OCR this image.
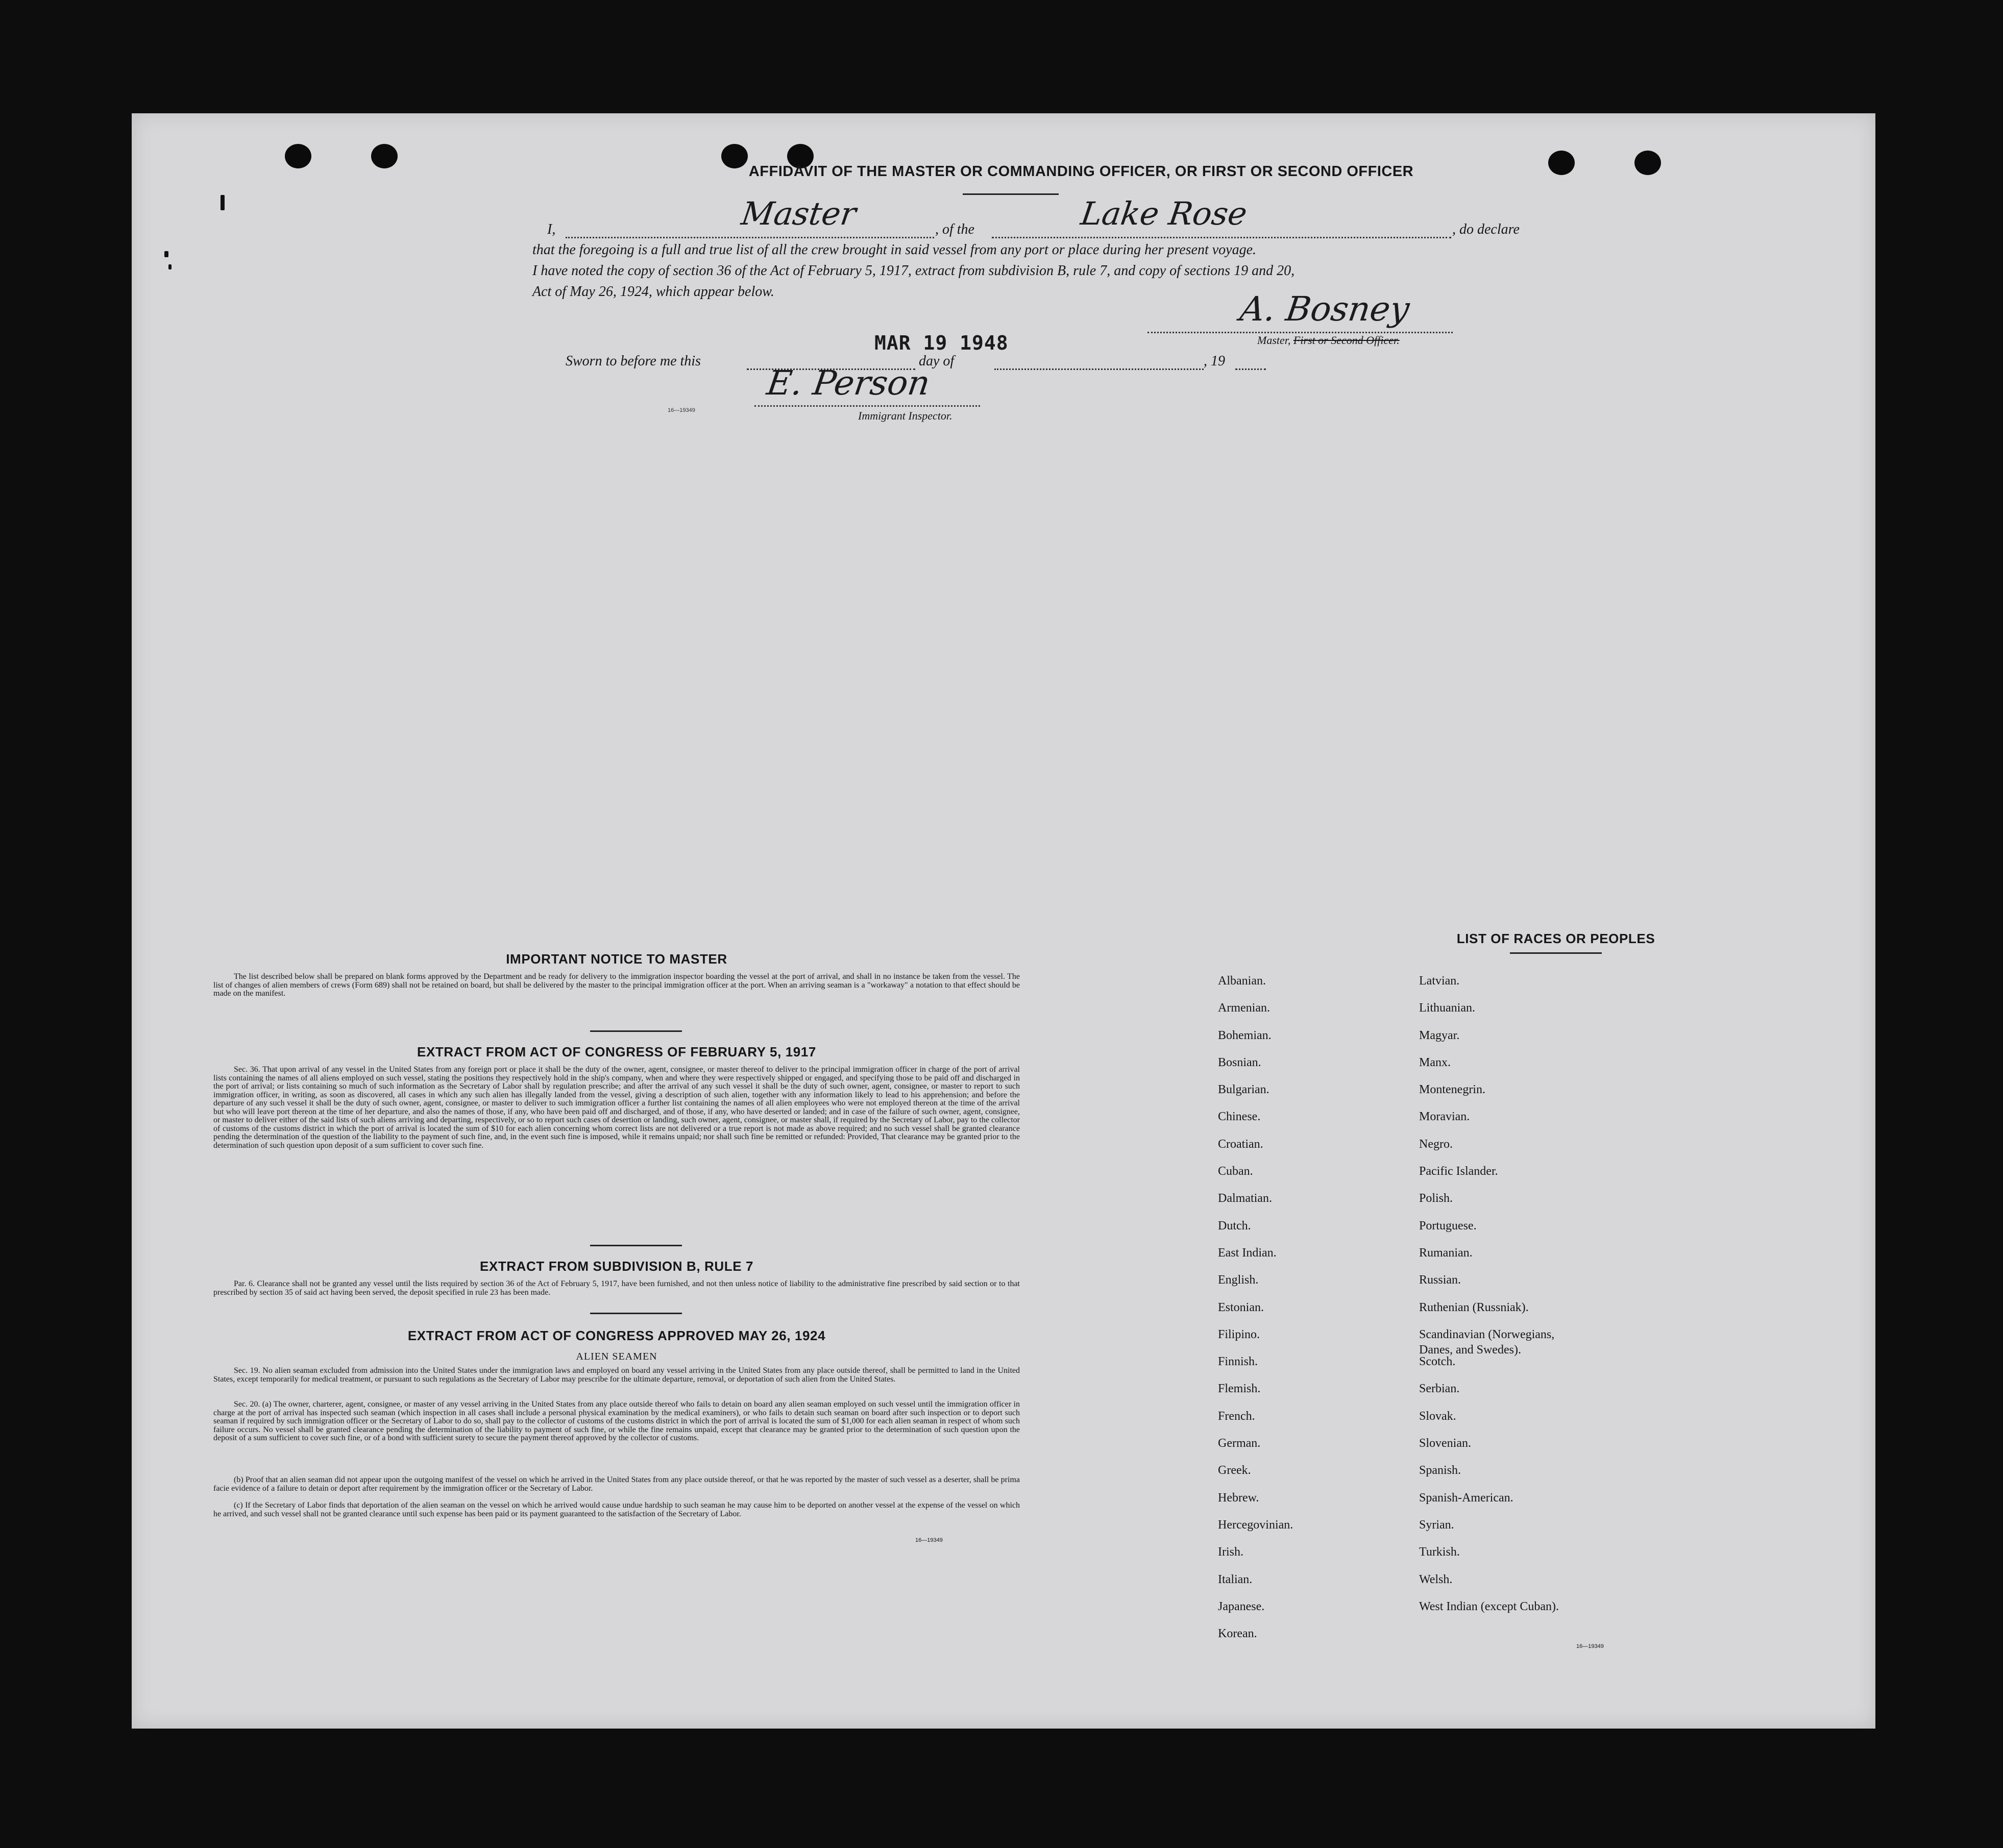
AFFIDAVIT OF THE MASTER OR COMMANDING OFFICER, OR FIRST OR SECOND OFFICER
I,	Master	, of the	Lake Rose	, do declare
that the foregoing is a full and true list of all the crew brought in said vessel from any port or place during her present voyage.
I have noted the copy of section 36 of the Act of February 5, 1917, extract from subdivision B, rule 7, and copy of sections 19 and 20,
Act of May 26, 1924, which appear below.	A. Bosney
Master, First or Second Officer.
MAR 19 1948
Sworn to before me this	day of	, 19
E. Person
Immigrant Inspector.
16—19349
IMPORTANT NOTICE TO MASTER

The list described below shall be prepared on blank forms approved by the Department and be ready for delivery to the immigration inspector boarding the vessel at the port of arrival, and shall in no instance be taken from the vessel. The list of changes of alien members of crews (Form 689) shall not be retained on board, but shall be delivered by the master to the principal immigration officer at the port. When an arriving seaman is a "workaway" a notation to that effect should be made on the manifest.

EXTRACT FROM ACT OF CONGRESS OF FEBRUARY 5, 1917

Sec. 36. That upon arrival of any vessel in the United States from any foreign port or place it shall be the duty of the owner, agent, consignee, or master thereof to deliver to the principal immigration officer in charge of the port of arrival lists containing the names of all aliens employed on such vessel, stating the positions they respectively hold in the ship's company, when and where they were respectively shipped or engaged, and specifying those to be paid off and discharged in the port of arrival; or lists containing so much of such information as the Secretary of Labor shall by regulation prescribe; and after the arrival of any such vessel it shall be the duty of such owner, agent, consignee, or master to report to such immigration officer, in writing, as soon as discovered, all cases in which any such alien has illegally landed from the vessel, giving a description of such alien, together with any information likely to lead to his apprehension; and before the departure of any such vessel it shall be the duty of such owner, agent, consignee, or master to deliver to such immigration officer a further list containing the names of all alien employees who were not employed thereon at the time of the arrival but who will leave port thereon at the time of her departure, and also the names of those, if any, who have been paid off and discharged, and of those, if any, who have deserted or landed; and in case of the failure of such owner, agent, consignee, or master to deliver either of the said lists of such aliens arriving and departing, respectively, or so to report such cases of desertion or landing, such owner, agent, consignee, or master shall, if required by the Secretary of Labor, pay to the collector of customs of the customs district in which the port of arrival is located the sum of $10 for each alien concerning whom correct lists are not delivered or a true report is not made as above required; and no such vessel shall be granted clearance pending the determination of the question of the liability to the payment of such fine, and, in the event such fine is imposed, while it remains unpaid; nor shall such fine be remitted or refunded: Provided, That clearance may be granted prior to the determination of such question upon deposit of a sum sufficient to cover such fine.

EXTRACT FROM SUBDIVISION B, RULE 7

Par. 6. Clearance shall not be granted any vessel until the lists required by section 36 of the Act of February 5, 1917, have been furnished, and not then unless notice of liability to the administrative fine prescribed by said section or to that prescribed by section 35 of said act having been served, the deposit specified in rule 23 has been made.

EXTRACT FROM ACT OF CONGRESS APPROVED MAY 26, 1924
ALIEN SEAMEN

Sec. 19. No alien seaman excluded from admission into the United States under the immigration laws and employed on board any vessel arriving in the United States from any place outside thereof, shall be permitted to land in the United States, except temporarily for medical treatment, or pursuant to such regulations as the Secretary of Labor may prescribe for the ultimate departure, removal, or deportation of such alien from the United States.

Sec. 20. (a) The owner, charterer, agent, consignee, or master of any vessel arriving in the United States from any place outside thereof who fails to detain on board any alien seaman employed on such vessel until the immigration officer in charge at the port of arrival has inspected such seaman (which inspection in all cases shall include a personal physical examination by the medical examiners), or who fails to detain such seaman on board after such inspection or to deport such seaman if required by such immigration officer or the Secretary of Labor to do so, shall pay to the collector of customs of the customs district in which the port of arrival is located the sum of $1,000 for each alien seaman in respect of whom such failure occurs. No vessel shall be granted clearance pending the determination of the liability to payment of such fine, or while the fine remains unpaid, except that clearance may be granted prior to the determination of such question upon the deposit of a sum sufficient to cover such fine, or of a bond with sufficient surety to secure the payment thereof approved by the collector of customs.

(b) Proof that an alien seaman did not appear upon the outgoing manifest of the vessel on which he arrived in the United States from any place outside thereof, or that he was reported by the master of such vessel as a deserter, shall be prima facie evidence of a failure to detain or deport after requirement by the immigration officer or the Secretary of Labor.

(c) If the Secretary of Labor finds that deportation of the alien seaman on the vessel on which he arrived would cause undue hardship to such seaman he may cause him to be deported on another vessel at the expense of the vessel on which he arrived, and such vessel shall not be granted clearance until such expense has been paid or its payment guaranteed to the satisfaction of the Secretary of Labor.

16—19349
LIST OF RACES OR PEOPLES
Albanian.
Armenian.
Bohemian.
Bosnian.
Bulgarian.
Chinese.
Croatian.
Cuban.
Dalmatian.
Dutch.
East Indian.
English.
Estonian.
Filipino.
Finnish.
Flemish.
French.
German.
Greek.
Hebrew.
Hercegovinian.
Irish.
Italian.
Japanese.
Korean.
Latvian.
Lithuanian.
Magyar.
Manx.
Montenegrin.
Moravian.
Negro.
Pacific Islander.
Polish.
Portuguese.
Rumanian.
Russian.
Ruthenian (Russniak).
Scandinavian (Norwegians,
Danes, and Swedes).
Scotch.
Serbian.
Slovak.
Slovenian.
Spanish.
Spanish-American.
Syrian.
Turkish.
Welsh.
West Indian (except Cuban).
16—19349
